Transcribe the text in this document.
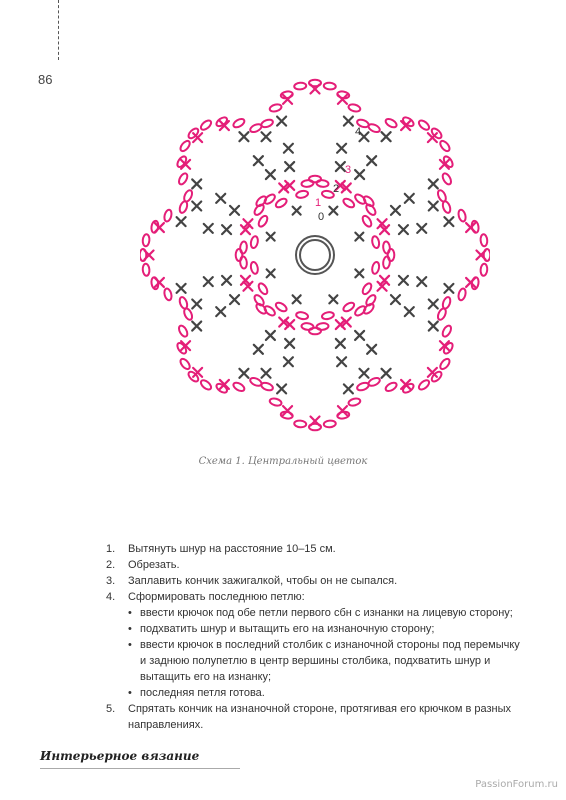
86
0
1
2
3
4
Схема 1. Центральный цветок
1.	Вытянуть шнур на расстояние 10–15 см.
2.	Обрезать.
3.	Заплавить кончик зажигалкой, чтобы он не сыпался.
4.	Сформировать последнюю петлю:
• ввести крючок под обе петли первого сбн с изнанки на лицевую сторону;
• подхватить шнур и вытащить его на изнаночную сторону;
• ввести крючок в последний столбик с изнаночной стороны под перемычку и заднюю полупетлю в центр вершины столбика, подхватить шнур и вытащить его на изнанку;
• последняя петля готова.
5.	Спрятать кончик на изнаночной стороне, протягивая его крючком в разных направлениях.
Интерьерное вязание
PassionForum.ru
